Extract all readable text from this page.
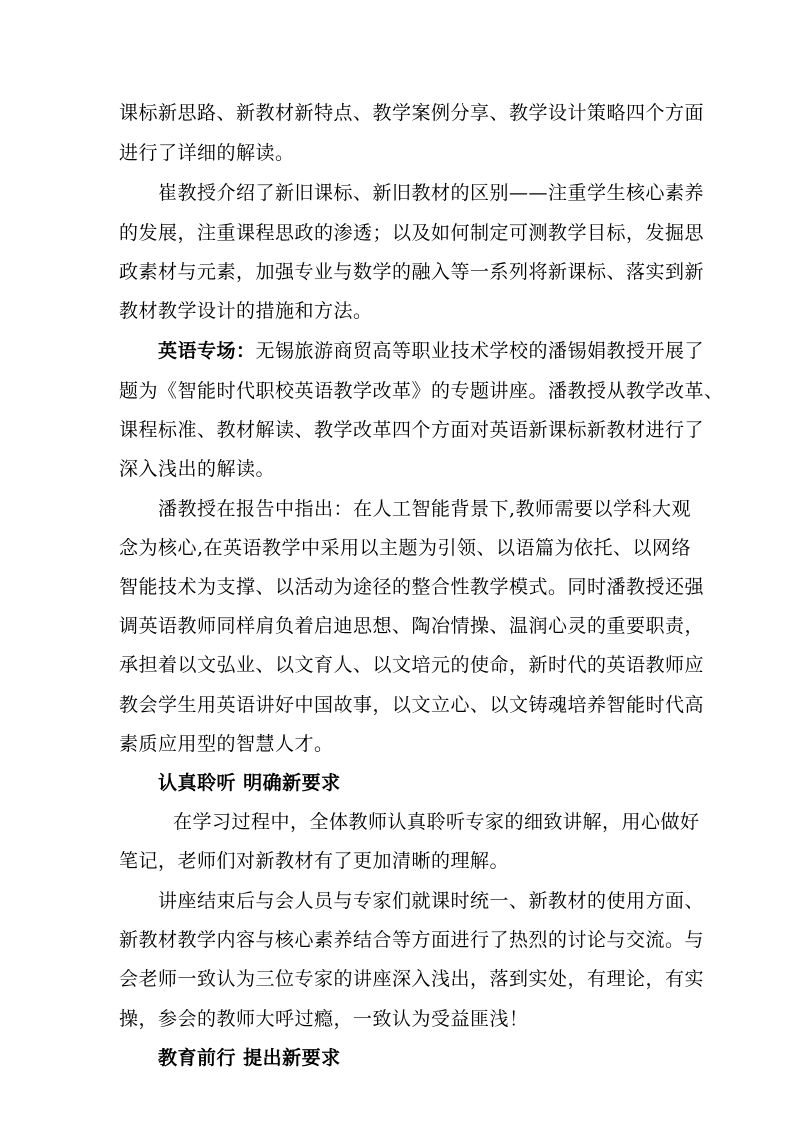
课标新思路、新教材新特点、教学案例分享、教学设计策略四个方面
进行了详细的解读。
崔教授介绍了新旧课标、新旧教材的区别——注重学生核心素养
的发展，注重课程思政的渗透；以及如何制定可测教学目标，发掘思
政素材与元素，加强专业与数学的融入等一系列将新课标、落实到新
教材教学设计的措施和方法。
英语专场：无锡旅游商贸高等职业技术学校的潘锡娟教授开展了
题为《智能时代职校英语教学改革》的专题讲座。潘教授从教学改革、
课程标准、教材解读、教学改革四个方面对英语新课标新教材进行了
深入浅出的解读。
潘教授在报告中指出：在人工智能背景下,教师需要以学科大观
念为核心,在英语教学中采用以主题为引领、以语篇为依托、以网络
智能技术为支撑、以活动为途径的整合性教学模式。同时潘教授还强
调英语教师同样肩负着启迪思想、陶冶情操、温润心灵的重要职责，
承担着以文弘业、以文育人、以文培元的使命，新时代的英语教师应
教会学生用英语讲好中国故事，以文立心、以文铸魂培养智能时代高
素质应用型的智慧人才。
认真聆听 明确新要求
在学习过程中，全体教师认真聆听专家的细致讲解，用心做好
笔记，老师们对新教材有了更加清晰的理解。
讲座结束后与会人员与专家们就课时统一、新教材的使用方面、
新教材教学内容与核心素养结合等方面进行了热烈的讨论与交流。与
会老师一致认为三位专家的讲座深入浅出，落到实处，有理论，有实
操，参会的教师大呼过瘾，一致认为受益匪浅！
教育前行 提出新要求
